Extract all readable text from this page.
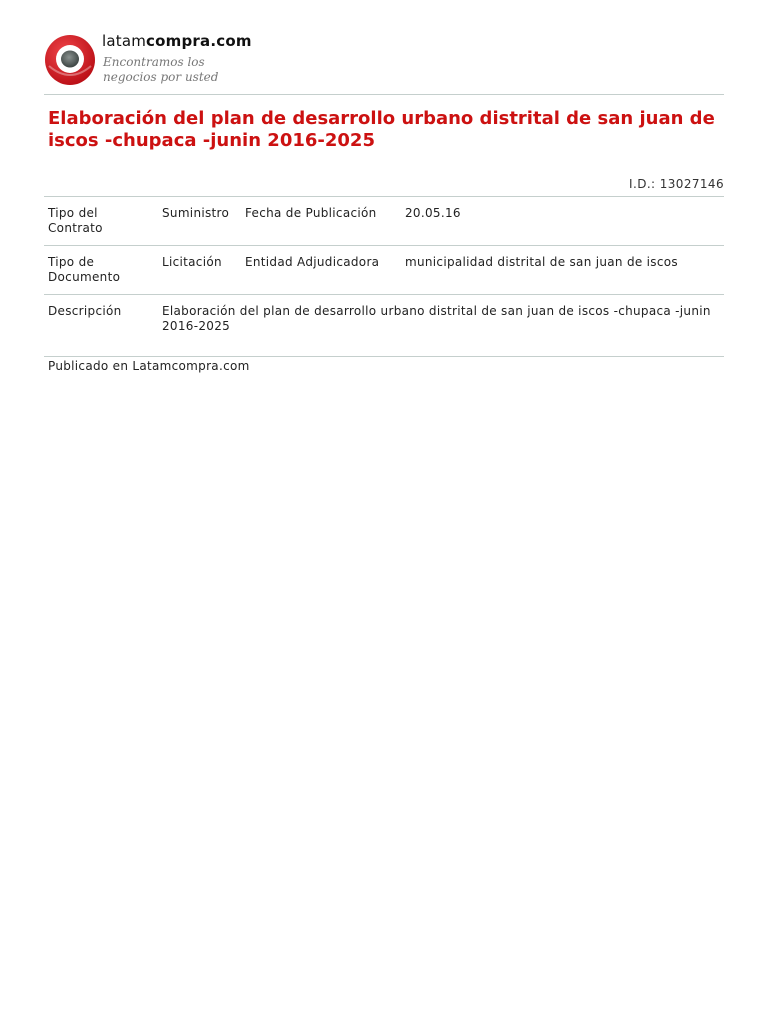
latamcompra.com
Encontramos los
negocios por usted
Elaboración del plan de desarrollo urbano distrital de san juan de iscos -chupaca -junin 2016-2025
I.D.: 13027146
Tipo del Contrato	Suministro	Fecha de Publicación	20.05.16
Tipo de Documento	Licitación	Entidad Adjudicadora	municipalidad distrital de san juan de iscos
Descripción	Elaboración del plan de desarrollo urbano distrital de san juan de iscos -chupaca -junin 2016-2025		
Publicado en Latamcompra.com
